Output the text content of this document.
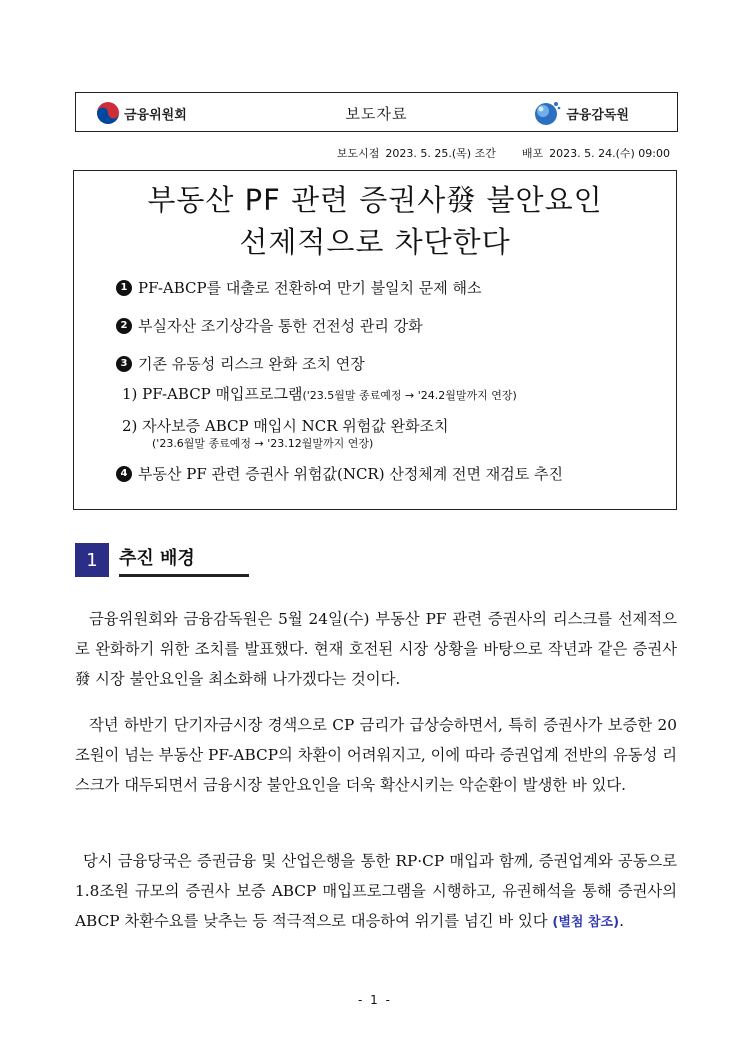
금융위원회	보도자료	금융감독원
보도시점 2023. 5. 25.(목) 조간 배포 2023. 5. 24.(수) 09:00
부동산 PF 관련 증권사發 불안요인
선제적으로 차단한다
1 PF-ABCP를 대출로 전환하여 만기 불일치 문제 해소
2 부실자산 조기상각을 통한 건전성 관리 강화
3 기존 유동성 리스크 완화 조치 연장
1) PF-ABCP 매입프로그램('23.5월말 종료예정 → '24.2월말까지 연장)
2) 자사보증 ABCP 매입시 NCR 위험값 완화조치
('23.6월말 종료예정 → '23.12월말까지 연장)
4 부동산 PF 관련 증권사 위험값(NCR) 산정체계 전면 재검토 추진
1	추진 배경
금융위원회와 금융감독원은 5월 24일(수) 부동산 PF 관련 증권사의 리스크를 선제적으로 완화하기 위한 조치를 발표했다. 현재 호전된 시장 상황을 바탕으로 작년과 같은 증권사發 시장 불안요인을 최소화해 나가겠다는 것이다.
작년 하반기 단기자금시장 경색으로 CP 금리가 급상승하면서, 특히 증권사가 보증한 20조원이 넘는 부동산 PF-ABCP의 차환이 어려워지고, 이에 따라 증권업계 전반의 유동성 리스크가 대두되면서 금융시장 불안요인을 더욱 확산시키는 악순환이 발생한 바 있다.
당시 금융당국은 증권금융 및 산업은행을 통한 RP·CP 매입과 함께, 증권업계와 공동으로 1.8조원 규모의 증권사 보증 ABCP 매입프로그램을 시행하고, 유권해석을 통해 증권사의 ABCP 차환수요를 낮추는 등 적극적으로 대응하여 위기를 넘긴 바 있다 (별첨 참조).
- 1 -
